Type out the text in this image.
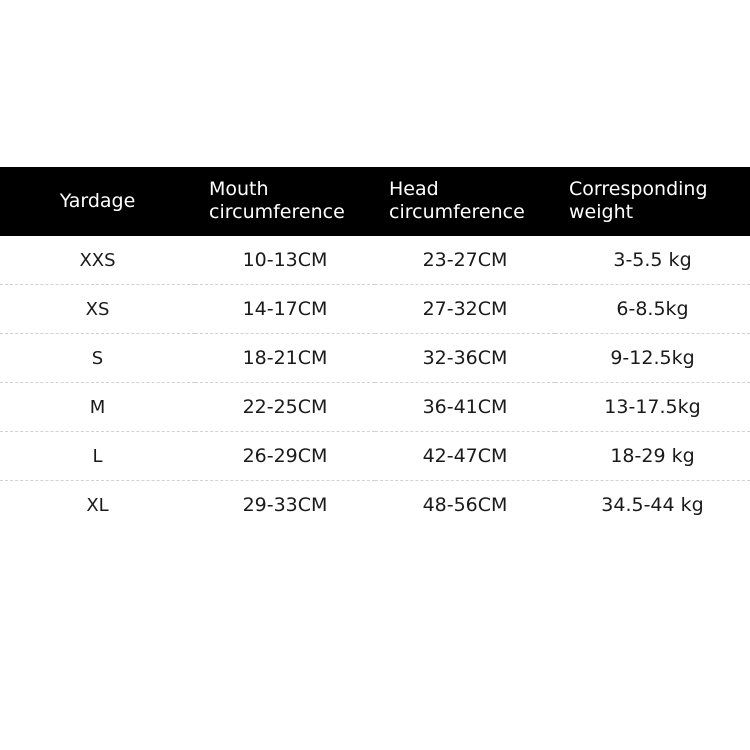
Yardage	Mouth circumference	Head circumference	Corresponding weight
XXS	10-13CM	23-27CM	3-5.5 kg
XS	14-17CM	27-32CM	6-8.5kg
S	18-21CM	32-36CM	9-12.5kg
M	22-25CM	36-41CM	13-17.5kg
L	26-29CM	42-47CM	18-29 kg
XL	29-33CM	48-56CM	34.5-44 kg
